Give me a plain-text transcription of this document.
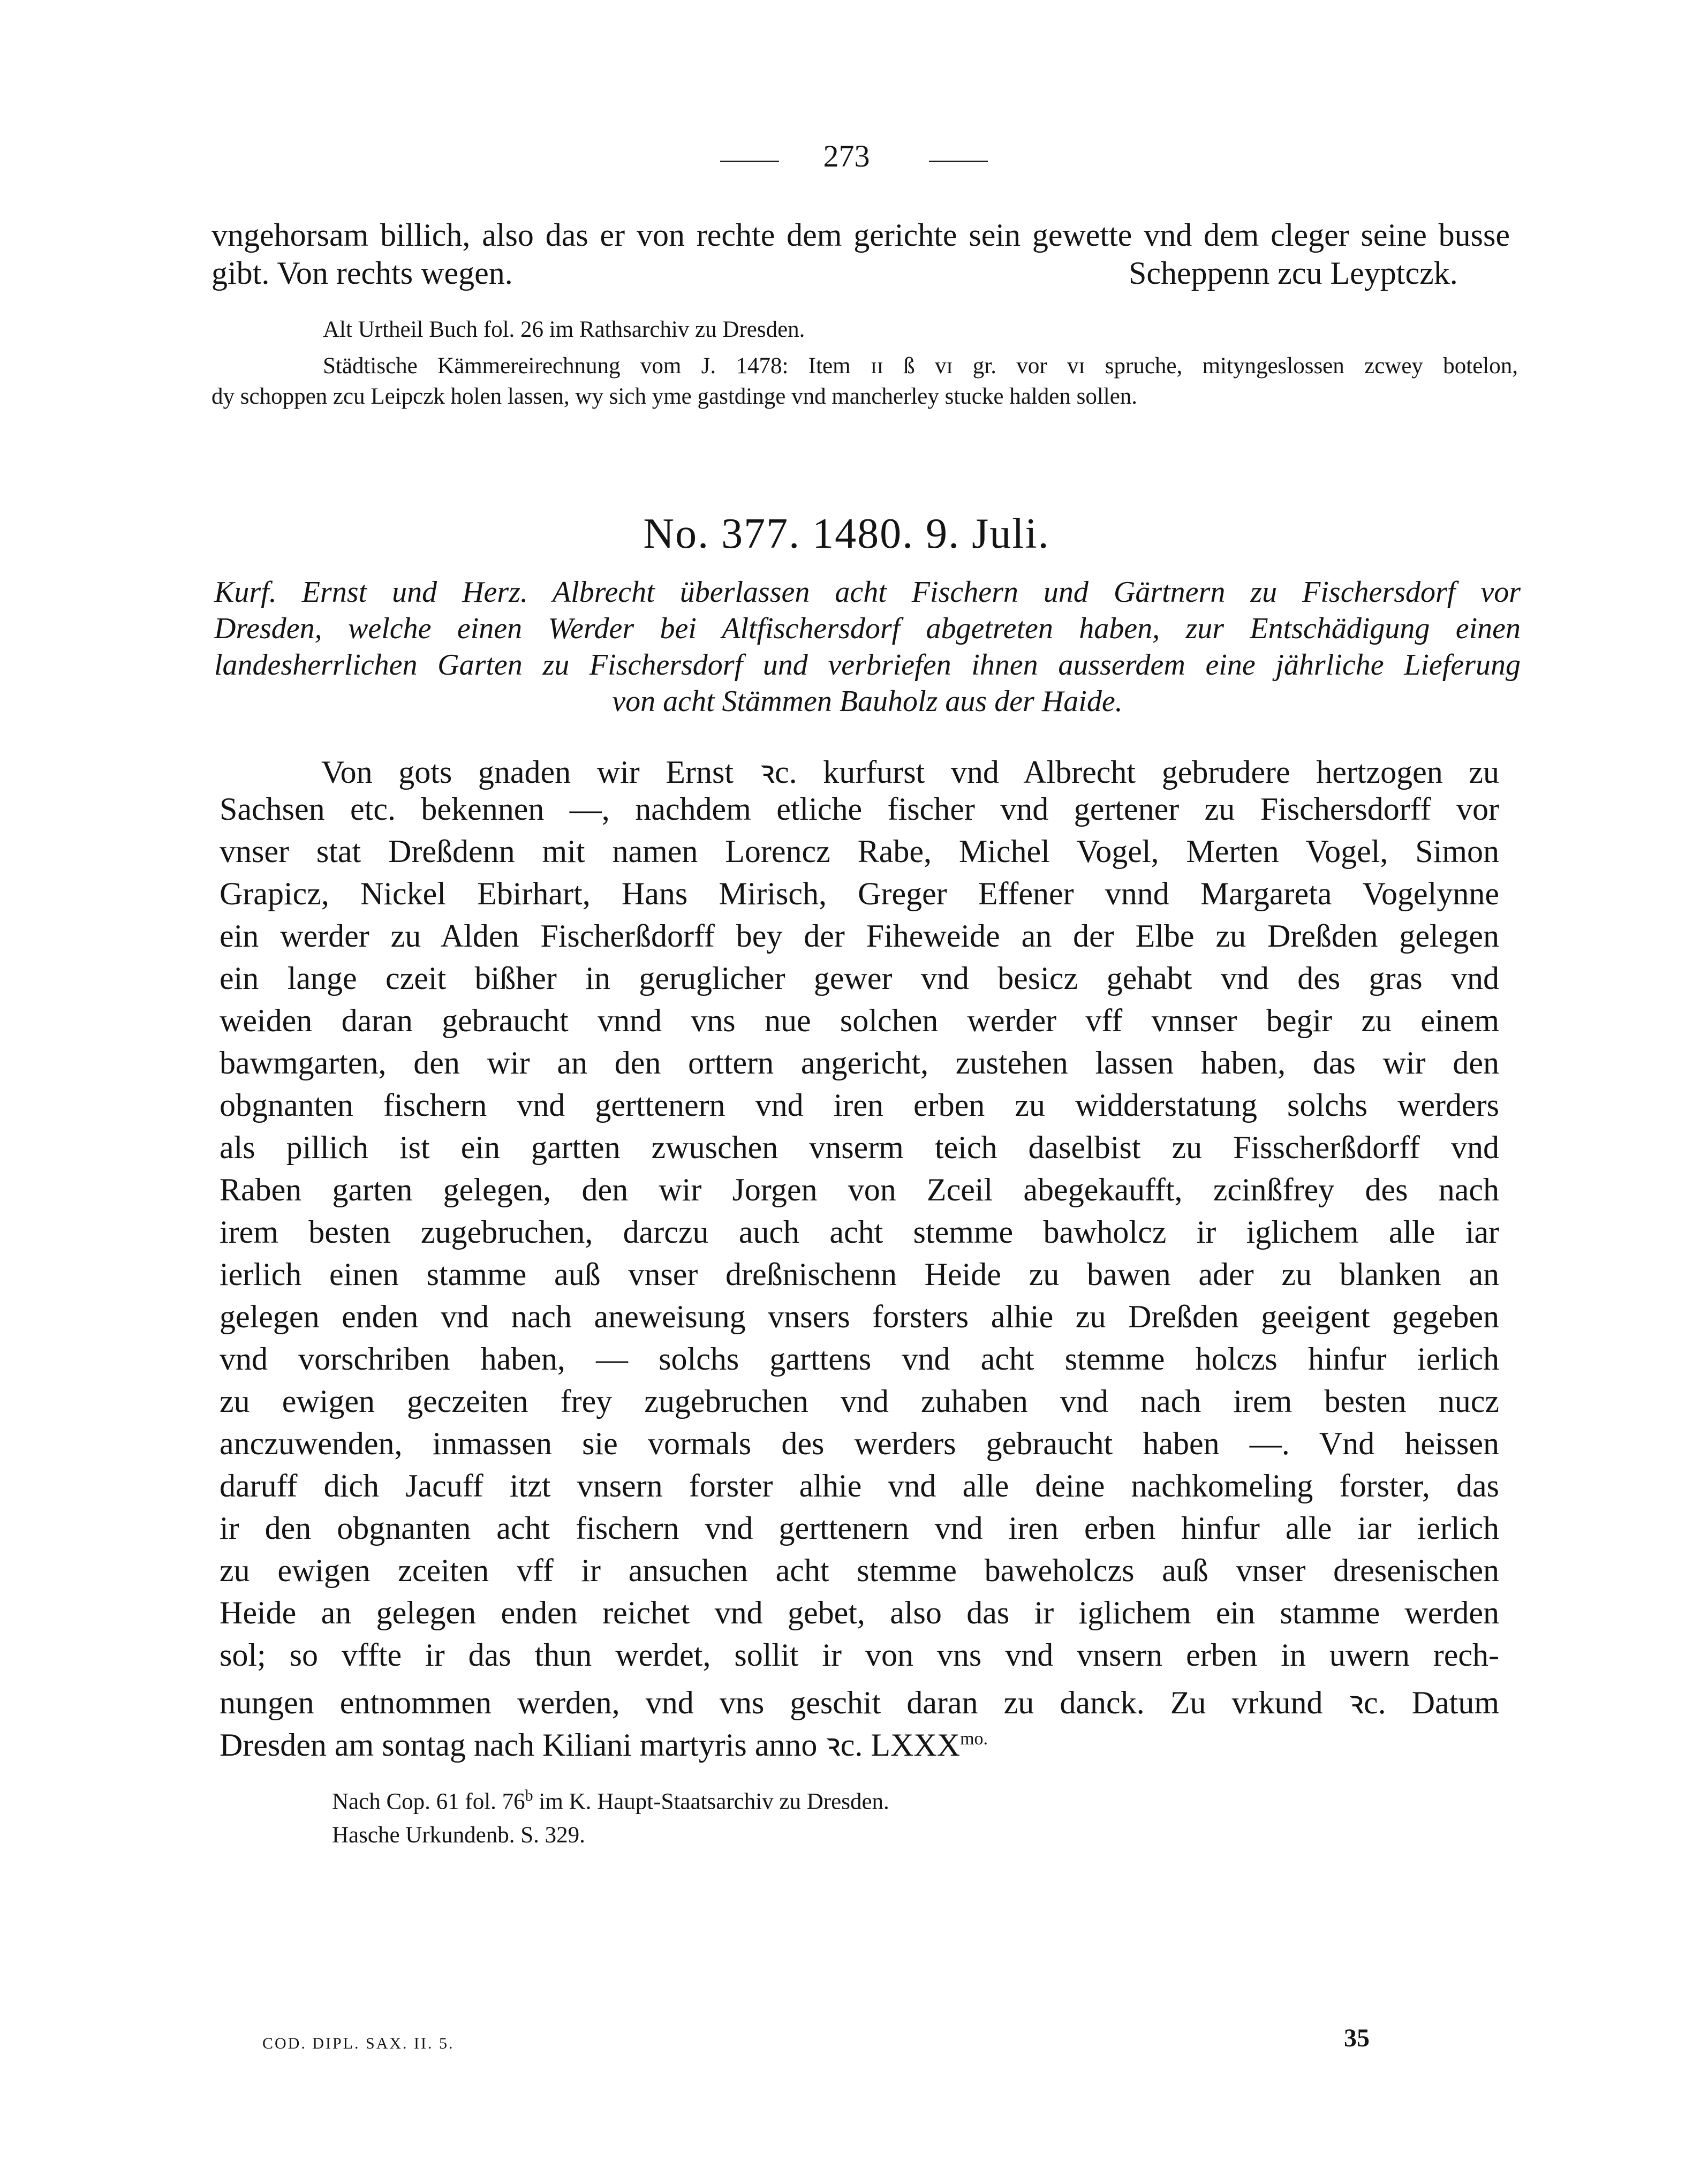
273
vngehorsam billich, also das er von rechte dem gerichte sein gewette vnd dem cleger seine busse
gibt. Von rechts wegen.	Scheppenn zcu Leyptczk.
Alt Urtheil Buch fol. 26 im Rathsarchiv zu Dresden.
Städtische Kämmereirechnung vom J. 1478: Item ɪɪ ß vɪ gr. vor vɪ spruche, mityngeslossen zcwey botelon,
dy schoppen zcu Leipczk holen lassen, wy sich yme gastdinge vnd mancherley stucke halden sollen.
No. 377. 1480. 9. Juli.
Kurf. Ernst und Herz. Albrecht überlassen acht Fischern und Gärtnern zu Fischersdorf vor
Dresden, welche einen Werder bei Altfischersdorf abgetreten haben, zur Entschädigung einen
landesherrlichen Garten zu Fischersdorf und verbriefen ihnen ausserdem eine jährliche Lieferung
von acht Stämmen Bauholz aus der Haide.
Von gots gnaden wir Ernst ꝛc. kurfurst vnd Albrecht gebrudere hertzogen zu
Sachsen etc. bekennen —, nachdem etliche fischer vnd gertener zu Fischersdorff vor
vnser stat Dreßdenn mit namen Lorencz Rabe, Michel Vogel, Merten Vogel, Simon
Grapicz, Nickel Ebirhart, Hans Mirisch, Greger Effener vnnd Margareta Vogelynne
ein werder zu Alden Fischerßdorff bey der Fiheweide an der Elbe zu Dreßden gelegen
ein lange czeit bißher in geruglicher gewer vnd besicz gehabt vnd des gras vnd
weiden daran gebraucht vnnd vns nue solchen werder vff vnnser begir zu einem
bawmgarten, den wir an den orttern angericht, zustehen lassen haben, das wir den
obgnanten fischern vnd gerttenern vnd iren erben zu widderstatung solchs werders
als pillich ist ein gartten zwuschen vnserm teich daselbist zu Fisscherßdorff vnd
Raben garten gelegen, den wir Jorgen von Zceil abegekaufft, zcinßfrey des nach
irem besten zugebruchen, darczu auch acht stemme bawholcz ir iglichem alle iar
ierlich einen stamme auß vnser dreßnischenn Heide zu bawen ader zu blanken an
gelegen enden vnd nach aneweisung vnsers forsters alhie zu Dreßden geeigent gegeben
vnd vorschriben haben, — solchs garttens vnd acht stemme holczs hinfur ierlich
zu ewigen geczeiten frey zugebruchen vnd zuhaben vnd nach irem besten nucz
anczuwenden, inmassen sie vormals des werders gebraucht haben —. Vnd heissen
daruff dich Jacuff itzt vnsern forster alhie vnd alle deine nachkomeling forster, das
ir den obgnanten acht fischern vnd gerttenern vnd iren erben hinfur alle iar ierlich
zu ewigen zceiten vff ir ansuchen acht stemme baweholczs auß vnser dresenischen
Heide an gelegen enden reichet vnd gebet, also das ir iglichem ein stamme werden
sol; so vffte ir das thun werdet, sollit ir von vns vnd vnsern erben in uwern rech-
nungen entnommen werden, vnd vns geschit daran zu danck. Zu vrkund ꝛc. Datum
Dresden am sontag nach Kiliani martyris anno ꝛc. $LXXX^{mo.}$
Nach Cop. 61 fol. 76$^b$ im K. Haupt-Staatsarchiv zu Dresden.
Hasche Urkundenb. S. 329.
COD. DIPL. SAX. II. 5.	35
